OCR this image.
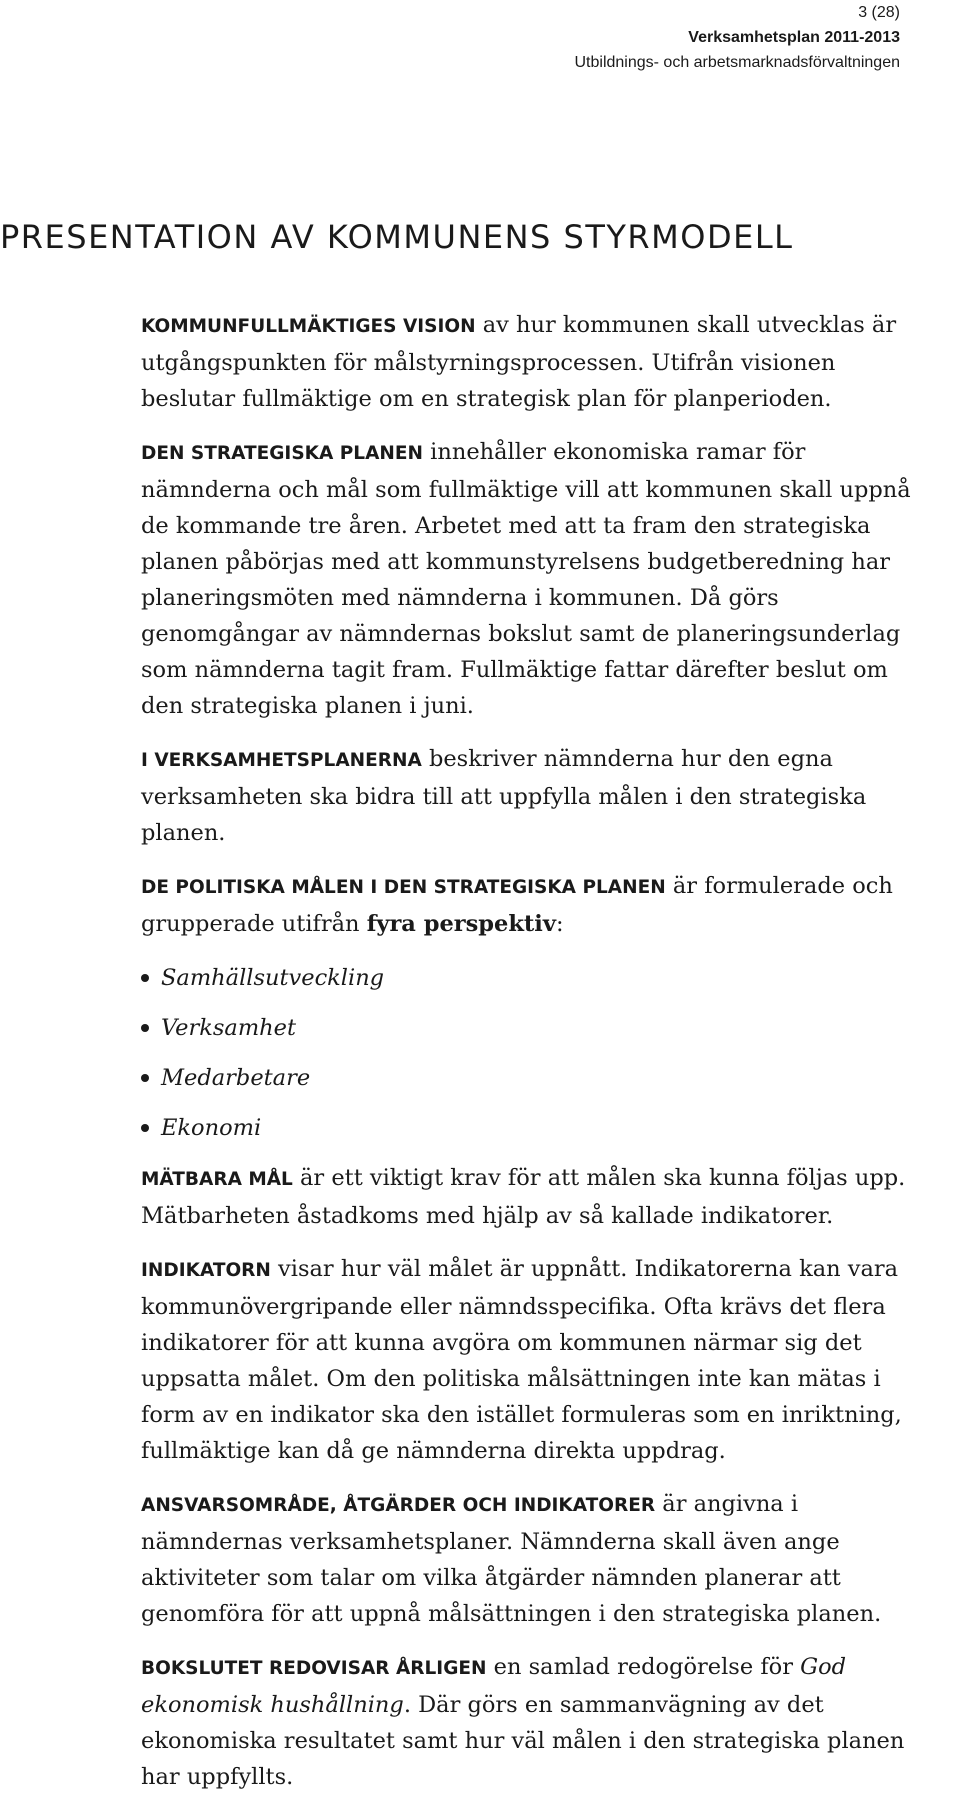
3 (28)
Verksamhetsplan 2011-2013
Utbildnings- och arbetsmarknadsförvaltningen
PRESENTATION AV KOMMUNENS STYRMODELL

KOMMUNFULLMÄKTIGES VISION av hur kommunen skall utvecklas är utgångspunkten för målstyrningsprocessen. Utifrån visionen beslutar fullmäktige om en strategisk plan för planperioden.

DEN STRATEGISKA PLANEN innehåller ekonomiska ramar för nämnderna och mål som fullmäktige vill att kommunen skall uppnå de kommande tre åren. Arbetet med att ta fram den strategiska planen påbörjas med att kommunstyrelsens budgetberedning har planeringsmöten med nämnderna i kommunen. Då görs genomgångar av nämndernas bokslut samt de planeringsunderlag som nämnderna tagit fram. Fullmäktige fattar därefter beslut om den strategiska planen i juni.

I VERKSAMHETSPLANERNA beskriver nämnderna hur den egna verksamheten ska bidra till att uppfylla målen i den strategiska planen.

DE POLITISKA MÅLEN I DEN STRATEGISKA PLANEN är formulerade och grupperade utifrån fyra perspektiv:

Samhällsutveckling
Verksamhet
Medarbetare
Ekonomi

MÄTBARA MÅL är ett viktigt krav för att målen ska kunna följas upp. Mätbarheten åstadkoms med hjälp av så kallade indikatorer.

INDIKATORN visar hur väl målet är uppnått. Indikatorerna kan vara kommunövergripande eller nämndsspecifika. Ofta krävs det flera indikatorer för att kunna avgöra om kommunen närmar sig det uppsatta målet. Om den politiska målsättningen inte kan mätas i form av en indikator ska den istället formuleras som en inriktning, fullmäktige kan då ge nämnderna direkta uppdrag.

ANSVARSOMRÅDE, ÅTGÄRDER OCH INDIKATORER är angivna i nämndernas verksamhetsplaner. Nämnderna skall även ange aktiviteter som talar om vilka åtgärder nämnden planerar att genomföra för att uppnå målsättningen i den strategiska planen.

BOKSLUTET REDOVISAR ÅRLIGEN en samlad redogörelse för God ekonomisk hushållning. Där görs en sammanvägning av det ekonomiska resultatet samt hur väl målen i den strategiska planen har uppfyllts.
